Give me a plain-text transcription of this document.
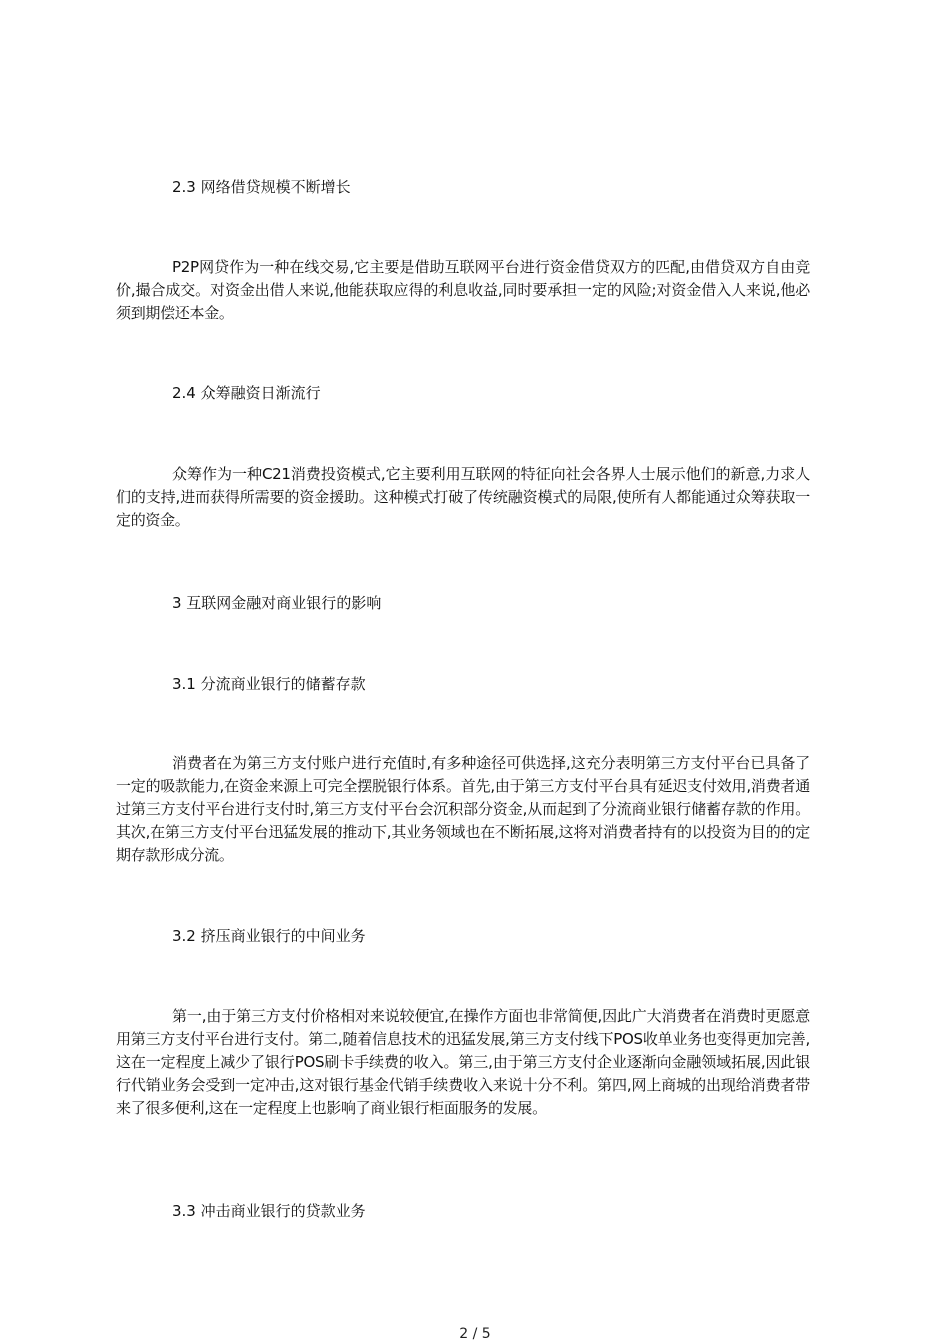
2.3 网络借贷规模不断增长

P2P网贷作为一种在线交易,它主要是借助互联网平台进行资金借贷双方的匹配,由借贷双方自由竞价,撮合成交。对资金出借人来说,他能获取应得的利息收益,同时要承担一定的风险;对资金借入人来说,他必须到期偿还本金。

2.4 众筹融资日渐流行

众筹作为一种C21消费投资模式,它主要利用互联网的特征向社会各界人士展示他们的新意,力求人们的支持,进而获得所需要的资金援助。这种模式打破了传统融资模式的局限,使所有人都能通过众筹获取一定的资金。

3 互联网金融对商业银行的影响

3.1 分流商业银行的储蓄存款

消费者在为第三方支付账户进行充值时,有多种途径可供选择,这充分表明第三方支付平台已具备了一定的吸款能力,在资金来源上可完全摆脱银行体系。首先,由于第三方支付平台具有延迟支付效用,消费者通过第三方支付平台进行支付时,第三方支付平台会沉积部分资金,从而起到了分流商业银行储蓄存款的作用。其次,在第三方支付平台迅猛发展的推动下,其业务领域也在不断拓展,这将对消费者持有的以投资为目的的定期存款形成分流。

3.2 挤压商业银行的中间业务

第一,由于第三方支付价格相对来说较便宜,在操作方面也非常简便,因此广大消费者在消费时更愿意用第三方支付平台进行支付。第二,随着信息技术的迅猛发展,第三方支付线下POS收单业务也变得更加完善,这在一定程度上减少了银行POS刷卡手续费的收入。第三,由于第三方支付企业逐渐向金融领域拓展,因此银行代销业务会受到一定冲击,这对银行基金代销手续费收入来说十分不利。第四,网上商城的出现给消费者带来了很多便利,这在一定程度上也影响了商业银行柜面服务的发展。

3.3 冲击商业银行的贷款业务

2 / 5
